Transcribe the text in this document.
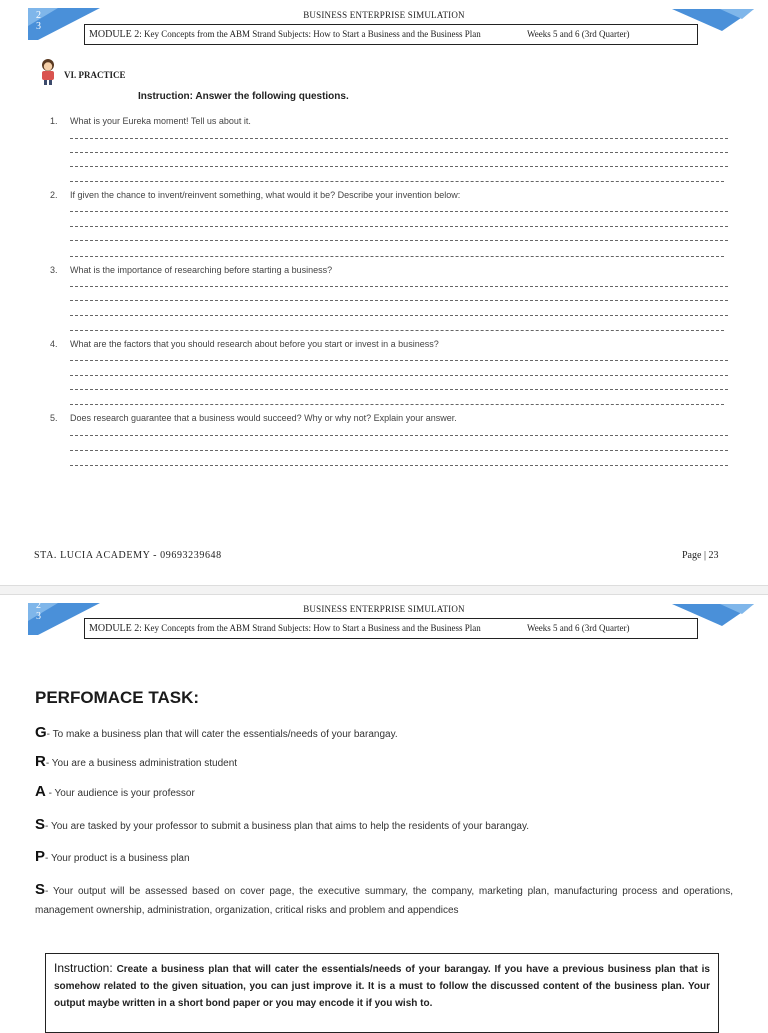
2
3
BUSINESS ENTERPRISE SIMULATION
MODULE 2: Key Concepts from the ABM Strand Subjects: How to Start a Business and the Business Plan	Weeks 5 and 6 (3rd Quarter)
VI. PRACTICE
Instruction: Answer the following questions.
1. What is your Eureka moment! Tell us about it.
2. If given the chance to invent/reinvent something, what would it be? Describe your invention below:
3. What is the importance of researching before starting a business?
4. What are the factors that you should research about before you start or invest in a business?
5. Does research guarantee that a business would succeed? Why or why not? Explain your answer.
STA. LUCIA ACADEMY - 09693239648	Page | 23
2
3
BUSINESS ENTERPRISE SIMULATION
MODULE 2: Key Concepts from the ABM Strand Subjects: How to Start a Business and the Business Plan	Weeks 5 and 6 (3rd Quarter)
PERFOMACE TASK:
G- To make a business plan that will cater the essentials/needs of your barangay.
R- You are a business administration student
A - Your audience is your professor
S- You are tasked by your professor to submit a business plan that aims to help the residents of your barangay.
P- Your product is a business plan
S- Your output will be assessed based on cover page, the executive summary, the company, marketing plan, manufacturing process and operations, management ownership, administration, organization, critical risks and problem and appendices
Instruction: Create a business plan that will cater the essentials/needs of your barangay. If you have a previous business plan that is somehow related to the given situation, you can just improve it. It is a must to follow the discussed content of the business plan. Your output maybe written in a short bond paper or you may encode it if you wish to.
